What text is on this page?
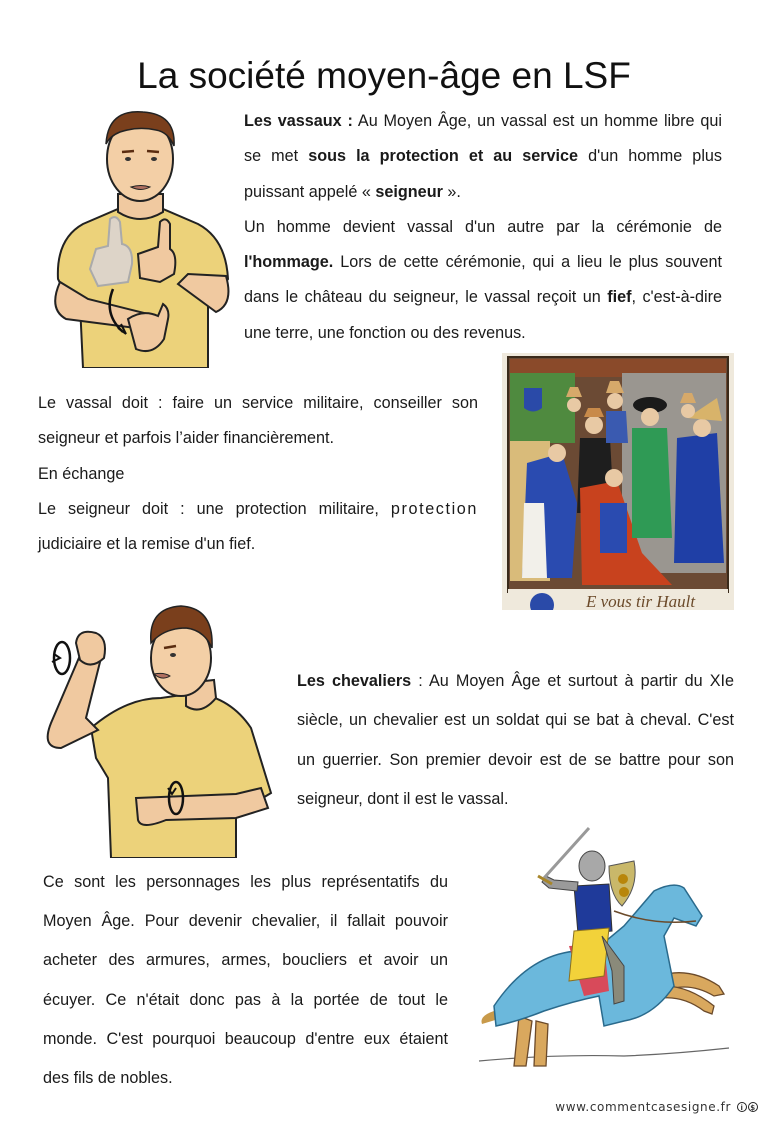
La société moyen-âge en LSF

Les vassaux : Au Moyen Âge, un vassal est un homme libre qui se met sous la protection et au service d'un homme plus puissant appelé « seigneur ».

Un homme devient vassal d'un autre par la cérémonie de l'hommage. Lors de cette cérémonie, qui a lieu le plus souvent dans le château du seigneur, le vassal reçoit un fief, c'est-à-dire une terre, une fonction ou des revenus.

Le vassal doit : faire un service militaire, conseiller son seigneur et parfois l’aider financièrement.

En échange

Le seigneur doit : une protection militaire, protection judiciaire et la remise d'un fief.

E vous tir Hault

Les chevaliers : Au Moyen Âge et surtout à partir du XIe siècle, un chevalier est un soldat qui se bat à cheval. C'est un guerrier. Son premier devoir est de se battre pour son seigneur, dont il est le vassal.

Ce sont les personnages les plus représentatifs du Moyen Âge. Pour devenir chevalier, il fallait pouvoir acheter des armures, armes, boucliers et avoir un écuyer. Ce n'était donc pas à la portée de tout le monde. C'est pourquoi beaucoup d'entre eux étaient des fils de nobles.

www.commentcasesigne.fr	i $
